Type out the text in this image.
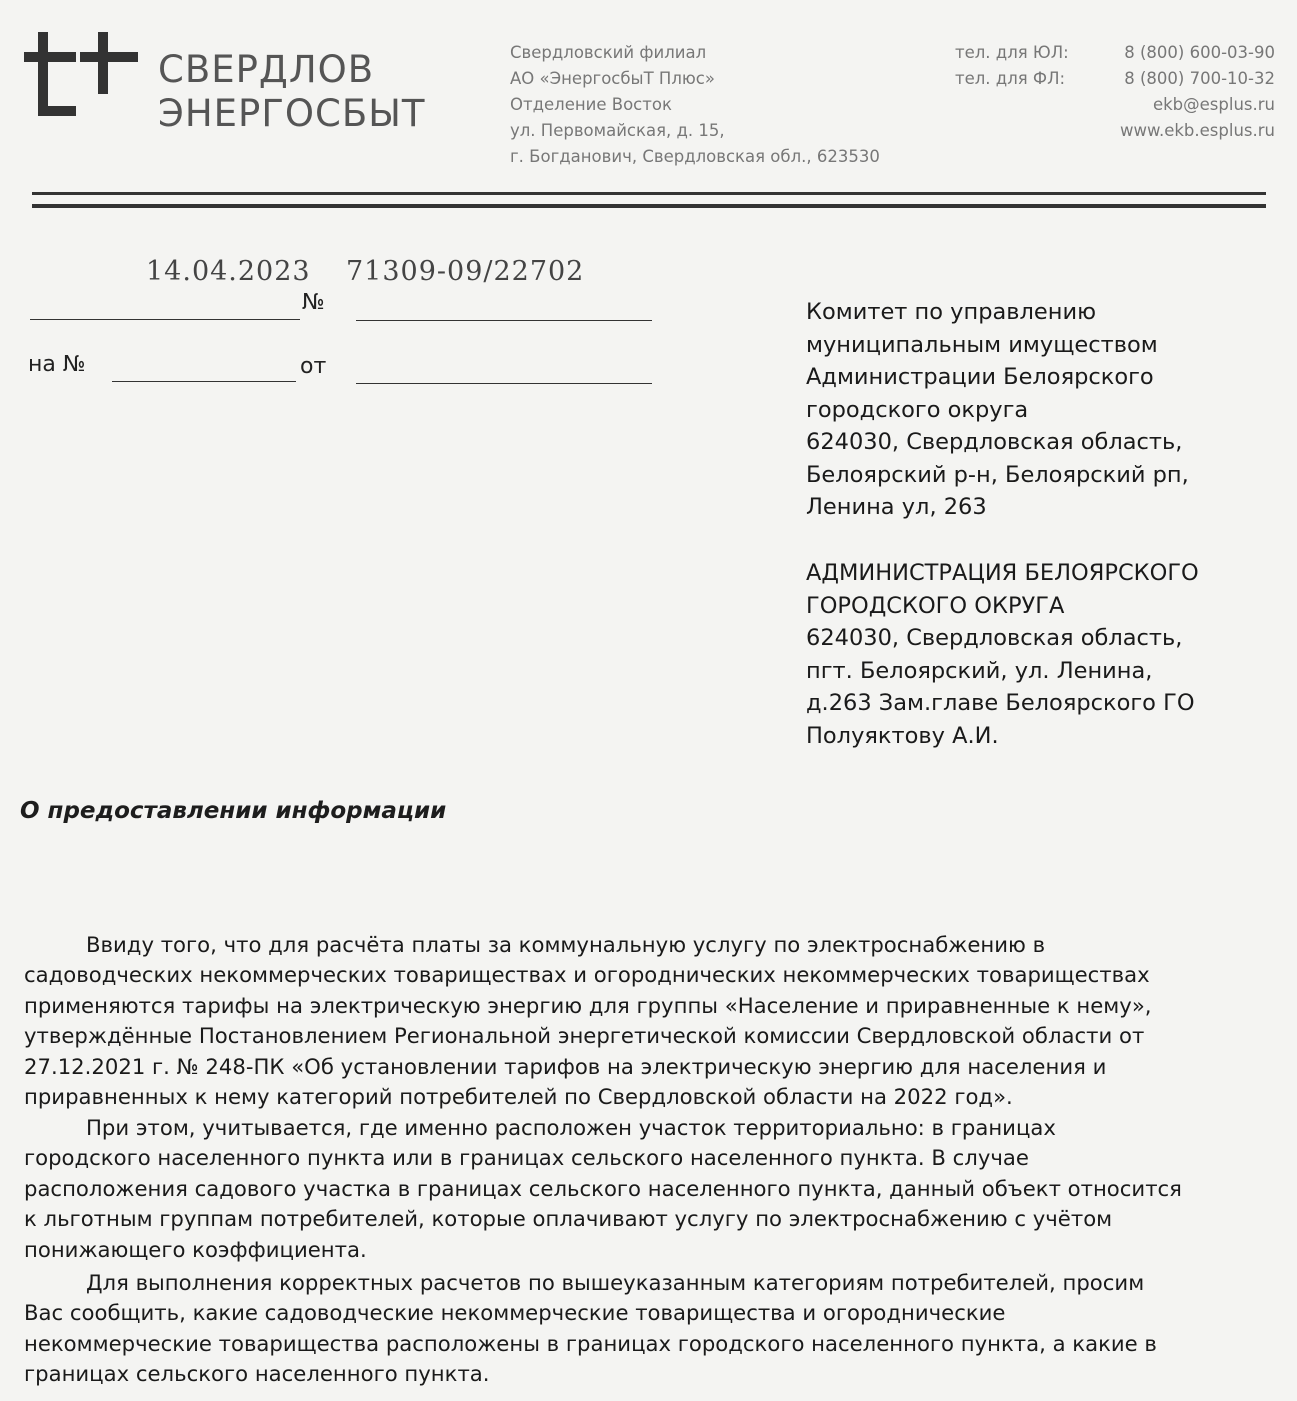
СВЕРДЛОВ
ЭНЕРГОСБЫТ
Свердловский филиал
АО «ЭнергосбыТ Плюс»
Отделение Восток
ул. Первомайская, д. 15,
г. Богданович, Свердловская обл., 623530
тел. для ЮЛ:	8 (800) 600-03-90
тел. для ФЛ:	8 (800) 700-10-32
ekb@esplus.ru
www.ekb.esplus.ru
14.04.2023 71309-09/22702
№
на №	от
Комитет по управлению
муниципальным имуществом
Администрации Белоярского
городского округа
624030, Свердловская область,
Белоярский р-н, Белоярский рп,
Ленина ул, 263
АДМИНИСТРАЦИЯ БЕЛОЯРСКОГО
ГОРОДСКОГО ОКРУГА
624030, Свердловская область,
пгт. Белоярский, ул. Ленина,
д.263 Зам.главе Белоярского ГО
Полуяктову А.И.
О предоставлении информации
Ввиду того, что для расчёта платы за коммунальную услугу по электроснабжению в
садоводческих некоммерческих товариществах и огороднических некоммерческих товариществах
применяются тарифы на электрическую энергию для группы «Население и приравненные к нему»,
утверждённые Постановлением Региональной энергетической комиссии Свердловской области от
27.12.2021 г. № 248-ПК «Об установлении тарифов на электрическую энергию для населения и
приравненных к нему категорий потребителей по Свердловской области на 2022 год».
При этом, учитывается, где именно расположен участок территориально: в границах
городского населенного пункта или в границах сельского населенного пункта. В случае
расположения садового участка в границах сельского населенного пункта, данный объект относится
к льготным группам потребителей, которые оплачивают услугу по электроснабжению с учётом
понижающего коэффициента.
Для выполнения корректных расчетов по вышеуказанным категориям потребителей, просим
Вас сообщить, какие садоводческие некоммерческие товарищества и огороднические
некоммерческие товарищества расположены в границах городского населенного пункта, а какие в
границах сельского населенного пункта.
